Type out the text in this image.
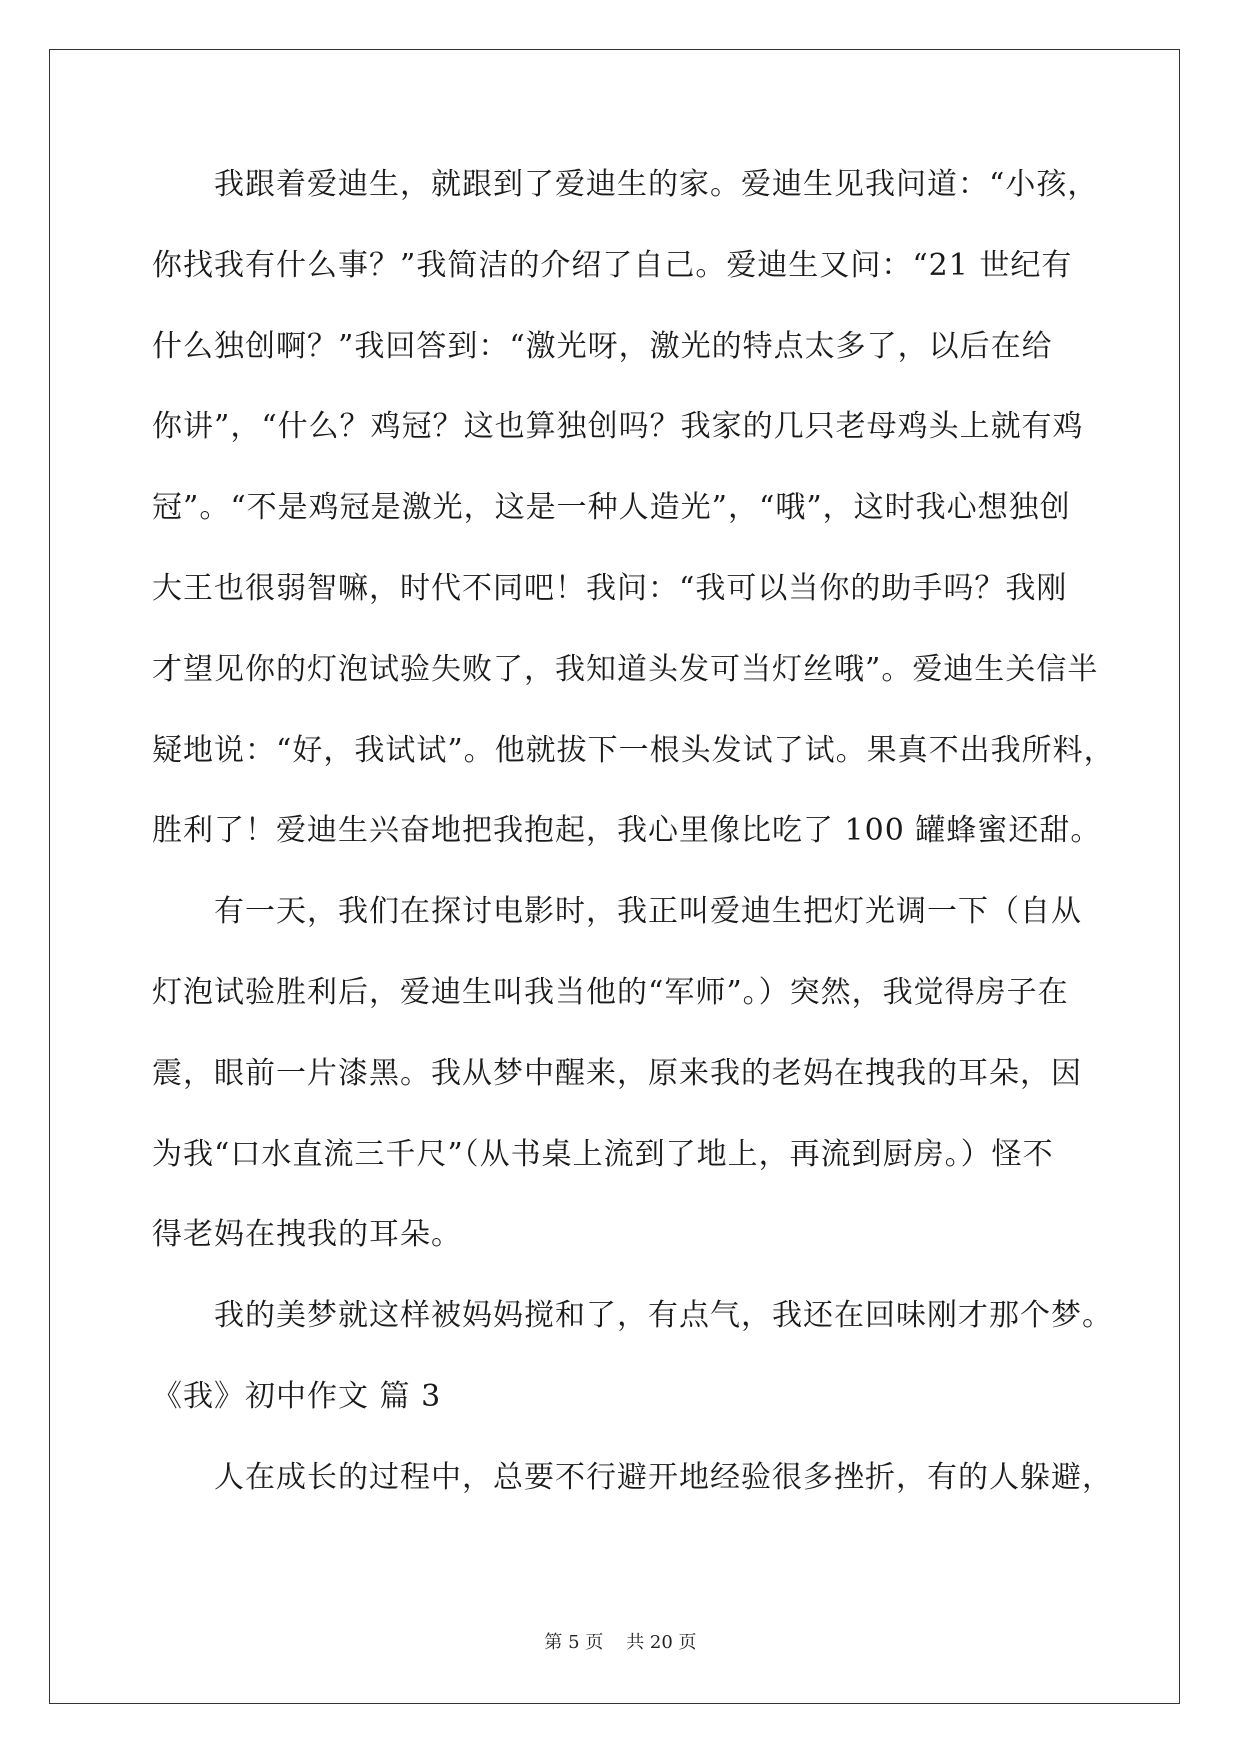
我跟着爱迪生，就跟到了爱迪生的家。爱迪生见我问道：“小孩，
你找我有什么事？”我简洁的介绍了自己。爱迪生又问：“21 世纪有
什么独创啊？”我回答到：“激光呀，激光的特点太多了，以后在给
你讲”，“什么？鸡冠？这也算独创吗？我家的几只老母鸡头上就有鸡
冠”。“不是鸡冠是激光，这是一种人造光”，“哦”，这时我心想独创
大王也很弱智嘛，时代不同吧！我问：“我可以当你的助手吗？我刚
才望见你的灯泡试验失败了，我知道头发可当灯丝哦”。爱迪生关信半
疑地说：“好，我试试”。他就拔下一根头发试了试。果真不出我所料，
胜利了！爱迪生兴奋地把我抱起，我心里像比吃了 100 罐蜂蜜还甜。
有一天，我们在探讨电影时，我正叫爱迪生把灯光调一下（自从
灯泡试验胜利后，爱迪生叫我当他的“军师”。）突然，我觉得房子在
震，眼前一片漆黑。我从梦中醒来，原来我的老妈在拽我的耳朵，因
为我“口水直流三千尺”（从书桌上流到了地上，再流到厨房。）怪不
得老妈在拽我的耳朵。
我的美梦就这样被妈妈搅和了，有点气，我还在回味刚才那个梦。
《我》初中作文 篇 3
人在成长的过程中，总要不行避开地经验很多挫折，有的人躲避，
第 5 页    共 20 页
